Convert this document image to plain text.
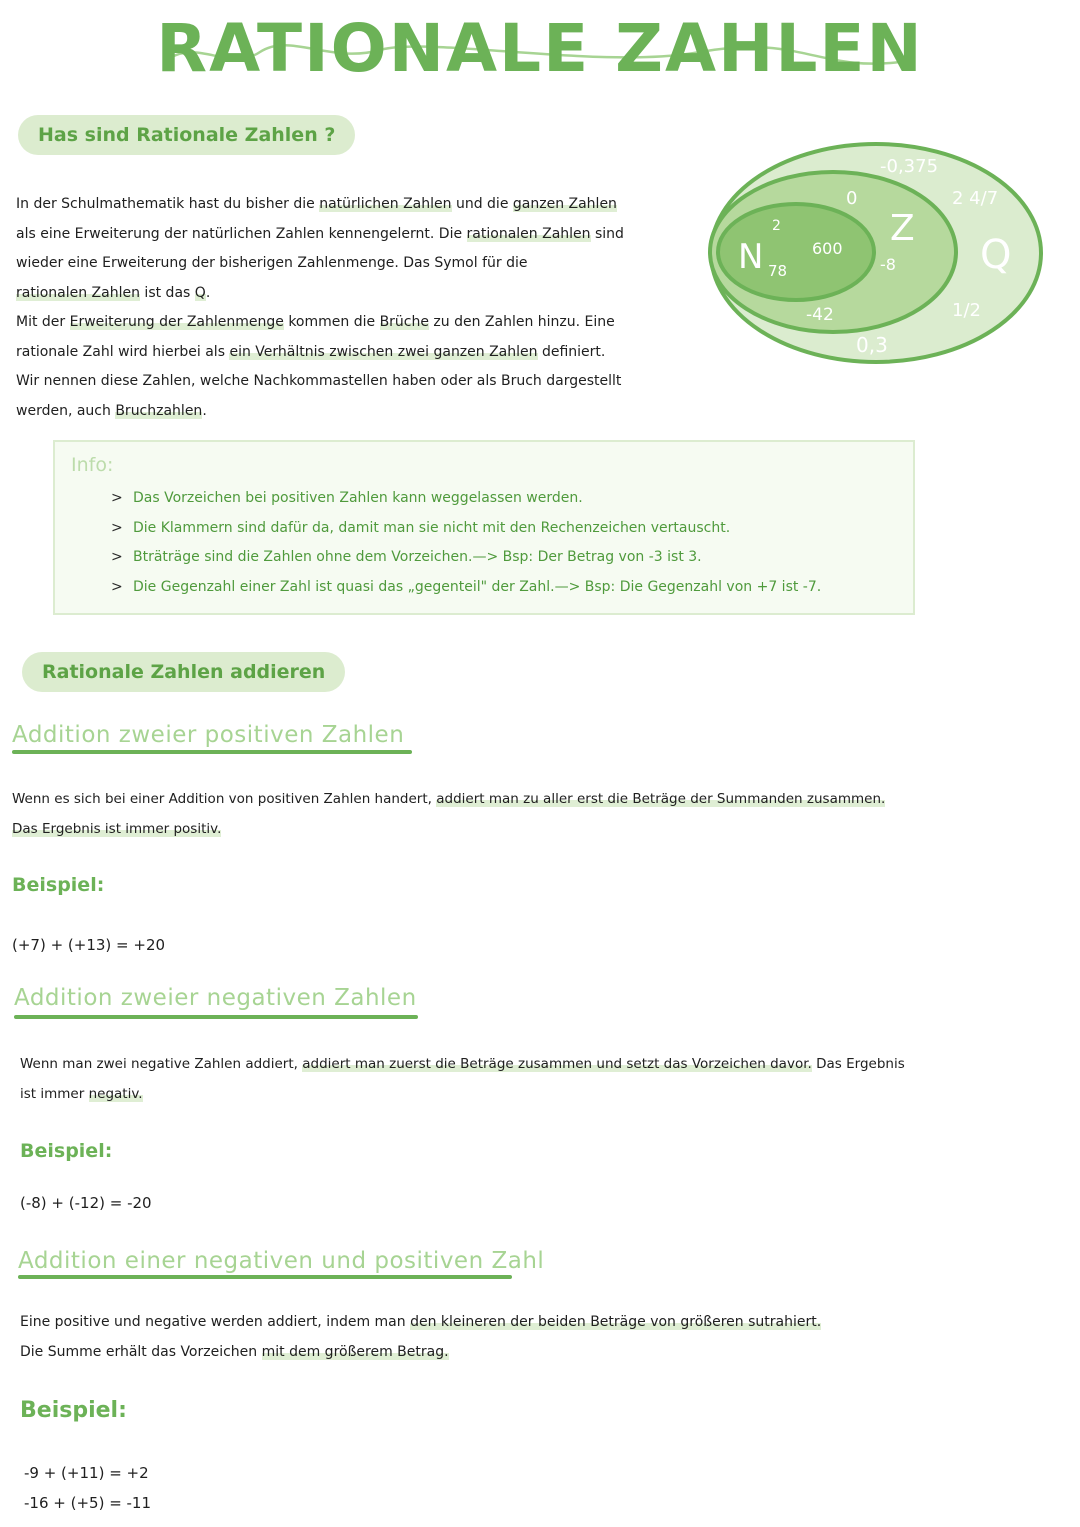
RATIONALE ZAHLEN
Has sind Rationale Zahlen ?
In der Schulmathematik hast du bisher die natürlichen Zahlen und die ganzen Zahlen
als eine Erweiterung der natürlichen Zahlen kennengelernt. Die rationalen Zahlen sind
wieder eine Erweiterung der bisherigen Zahlenmenge. Das Symol für die
rationalen Zahlen ist das Q.
Mit der Erweiterung der Zahlenmenge kommen die Brüche zu den Zahlen hinzu. Eine
rationale Zahl wird hierbei als ein Verhältnis zwischen zwei ganzen Zahlen definiert.
Wir nennen diese Zahlen, welche Nachkommastellen haben oder als Bruch dargestellt
werden, auch Bruchzahlen.
N
Z
Q
2
600
78
0
-8
-42
-0,375
2 4/7
1/2
0,3
Info:
> Das Vorzeichen bei positiven Zahlen kann weggelassen werden.
> Die Klammern sind dafür da, damit man sie nicht mit den Rechenzeichen vertauscht.
> Bträträge sind die Zahlen ohne dem Vorzeichen.—> Bsp: Der Betrag von -3 ist 3.
> Die Gegenzahl einer Zahl ist quasi das „gegenteil" der Zahl.—> Bsp: Die Gegenzahl von +7 ist -7.
Rationale Zahlen addieren
Addition zweier positiven Zahlen
Wenn es sich bei einer Addition von positiven Zahlen handert, addiert man zu aller erst die Beträge der Summanden zusammen.
Das Ergebnis ist immer positiv.
Beispiel:
(+7) + (+13) = +20
Addition zweier negativen Zahlen
Wenn man zwei negative Zahlen addiert, addiert man zuerst die Beträge zusammen und setzt das Vorzeichen davor. Das Ergebnis
ist immer negativ.
Beispiel:
(-8) + (-12) = -20
Addition einer negativen und positiven Zahl
Eine positive und negative werden addiert, indem man den kleineren der beiden Beträge von größeren sutrahiert.
Die Summe erhält das Vorzeichen mit dem größerem Betrag.
Beispiel:
-9 + (+11) = +2
-16 + (+5) = -11
